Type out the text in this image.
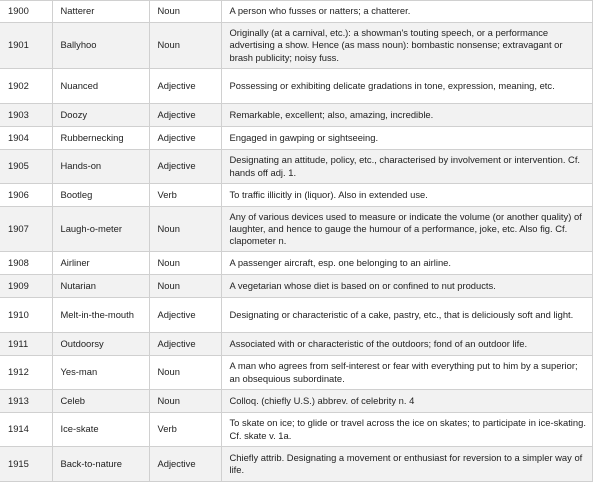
1900	Natterer	Noun	A person who fusses or natters; a chatterer.
1901	Ballyhoo	Noun	Originally (at a carnival, etc.): a showman's touting speech, or a performance advertising a show. Hence (as mass noun): bombastic nonsense; extravagant or brash publicity; noisy fuss.
1902	Nuanced	Adjective	Possessing or exhibiting delicate gradations in tone, expression, meaning, etc.
1903	Doozy	Adjective	Remarkable, excellent; also, amazing, incredible.
1904	Rubbernecking	Adjective	Engaged in gawping or sightseeing.
1905	Hands-on	Adjective	Designating an attitude, policy, etc., characterised by involvement or intervention. Cf. hands off adj. 1.
1906	Bootleg	Verb	To traffic illicitly in (liquor). Also in extended use.
1907	Laugh-o-meter	Noun	Any of various devices used to measure or indicate the volume (or another quality) of laughter, and hence to gauge the humour of a performance, joke, etc. Also fig. Cf. clapometer n.
1908	Airliner	Noun	A passenger aircraft, esp. one belonging to an airline.
1909	Nutarian	Noun	A vegetarian whose diet is based on or confined to nut products.
1910	Melt-in-the-mouth	Adjective	Designating or characteristic of a cake, pastry, etc., that is deliciously soft and light.
1911	Outdoorsy	Adjective	Associated with or characteristic of the outdoors; fond of an outdoor life.
1912	Yes-man	Noun	A man who agrees from self-interest or fear with everything put to him by a superior; an obsequious subordinate.
1913	Celeb	Noun	Colloq. (chiefly U.S.) abbrev. of celebrity n. 4
1914	Ice-skate	Verb	To skate on ice; to glide or travel across the ice on skates; to participate in ice-skating. Cf. skate v. 1a.
1915	Back-to-nature	Adjective	Chiefly attrib. Designating a movement or enthusiast for reversion to a simpler way of life.
